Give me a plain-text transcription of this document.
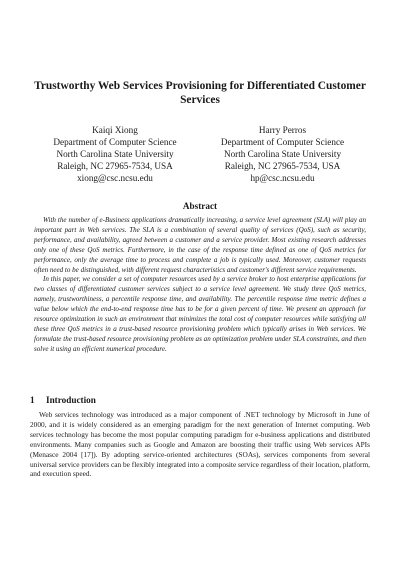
Trustworthy Web Services Provisioning for Differentiated Customer Services
Kaiqi Xiong
Department of Computer Science
North Carolina State University
Raleigh, NC 27965-7534, USA
xiong@csc.ncsu.edu
Harry Perros
Department of Computer Science
North Carolina State University
Raleigh, NC 27965-7534, USA
hp@csc.ncsu.edu
Abstract

With the number of e-Business applications dramatically increasing, a service level agreement (SLA) will play an important part in Web services. The SLA is a combination of several quality of services (QoS), such as security, performance, and availability, agreed between a customer and a service provider. Most existing research addresses only one of these QoS metrics. Furthermore, in the case of the response time defined as one of QoS metrics for performance, only the average time to process and complete a job is typically used. Moreover, customer requests often need to be distinguished, with different request characteristics and customer's different service requirements.

In this paper, we consider a set of computer resources used by a service broker to host enterprise applications for two classes of differentiated customer services subject to a service level agreement. We study three QoS metrics, namely, trustworthiness, a percentile response time, and availability. The percentile response time metric defines a value below which the end-to-end response time has to be for a given percent of time. We present an approach for resource optimization in such an environment that minimizes the total cost of computer resources while satisfying all these three QoS metrics in a trust-based resource provisioning problem which typically arises in Web services. We formulate the trust-based resource provisioning problem as an optimization problem under SLA constraints, and then solve it using an efficient numerical procedure.

1 Introduction

Web services technology was introduced as a major component of .NET technology by Microsoft in June of 2000, and it is widely considered as an emerging paradigm for the next generation of Internet computing. Web services technology has become the most popular computing paradigm for e-business applications and distributed environments. Many companies such as Google and Amazon are boosting their traffic using Web services APIs (Menasce 2004 [17]). By adopting service-oriented architectures (SOAs), services components from several universal service providers can be flexibly integrated into a composite service regardless of their location, platform, and execution speed.
